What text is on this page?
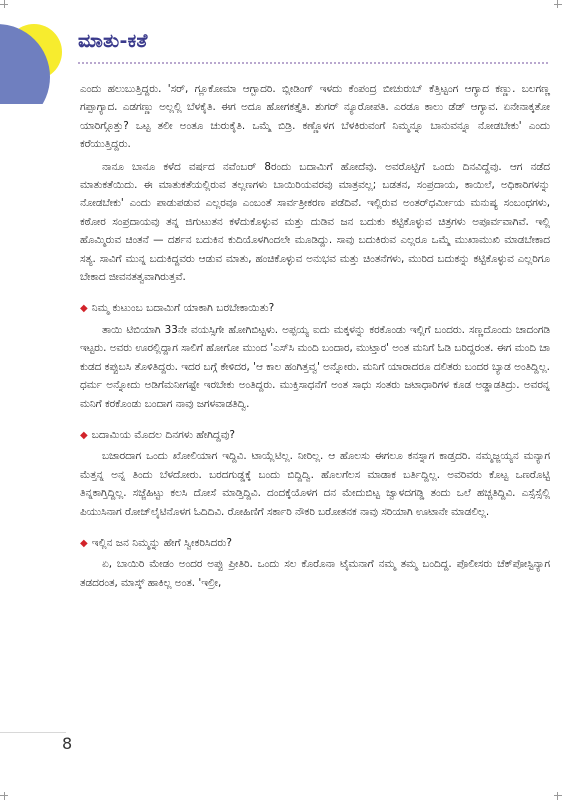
ಮಾತು-ಕತೆ

ಎಂದು ಹಲುಬುತ್ತಿದ್ದರು. 'ಸರ್, ಗ್ಲೂಕೋಮಾ ಆಗ್ಬಾದರಿ. ಬ್ಲೀಡಿಂಗ್ ಇಳದು ಕೆಂಪಂದ್ರ ಬೀಚುರುಬ್ ಕೆತ್ತಿಟ್ಟಂಗ ಆಗ್ಯಾದ ಕಣ್ಣು. ಬಲಗಣ್ಣ ಗಪ್ಪಾಗ್ಯಾದ. ಎಡಗಣ್ಣು ಅಲ್ಲಲ್ಲಿ ಬೆಳಕೈತಿ. ಈಗ ಅದೂ ಹೋಗಕತ್ತೈತಿ. ಶುಗರ್ ನ್ಯೂರೋಪತಿ. ಎರಡೂ ಕಾಲು ಡೆಡ್ ಆಗ್ಯಾವ. ಏನೇನಾಕ್ಕತೋ ಯಾರಿಗ್ಗೊತ್ತು? ಒಟ್ಟ ತಲೀ ಅಂತೂ ಚುರುಕೈತಿ. ಒಮ್ಮೆ ಬಿಡ್ರಿ. ಕಣ್ಣೊಳಗ ಬೆಳಕಿರುವಂಗೆ ನಿಮ್ಮನ್ನೂ ಬಾನುವನ್ನೂ ನೋಡಬೇಕು' ಎಂದು ಕರೆಯುತ್ತಿದ್ದರು.

ನಾನೂ ಬಾನೂ ಕಳೆದ ವರ್ಷದ ನವೆಂಬರ್ 8ರಂದು ಬದಾಮಿಗೆ ಹೋದೆವು. ಅವರೊಟ್ಟಿಗೆ ಒಂದು ದಿನವಿದ್ದೆವು. ಆಗ ನಡೆದ ಮಾತುಕತೆಯಿದು. ಈ ಮಾತುಕತೆಯಲ್ಲಿರುವ ತಲ್ಲಣಗಳು ಬಾಯಿರಿಯವರವು ಮಾತ್ರವಲ್ಲ; ಬಡತನ, ಸಂಪ್ರದಾಯ, ಕಾಯಿಲೆ, ಅಧಿಕಾರಿಗಳನ್ನು ನೋಡಬೇಕು' ಎಂದು ಪಾಡುಪಡುವ ಎಲ್ಲರವೂ ಎಂಬಂತೆ ಸಾರ್ವತ್ರೀಕರಣ ಪಡೆದಿವೆ. ಇಲ್ಲಿರುವ ಅಂತರ್‌ಧರ್ಮೀಯ ಮನುಷ್ಯ ಸಂಬಂಧಗಳು, ಕಠೋರ ಸಂಪ್ರದಾಯವು ತನ್ನ ಜಿಗುಟುತನ ಕಳೆದುಕೊಳ್ಳುವ ಮತ್ತು ದುಡಿವ ಜನ ಬದುಕು ಕಟ್ಟಿಕೊಳ್ಳುವ ಚಿತ್ರಗಳು ಅಪೂರ್ವವಾಗಿವೆ. ಇಲ್ಲಿ ಹೊಮ್ಮಿರುವ ಚಿಂತನೆ — ದರ್ಶನ ಬದುಕಿನ ಕುದಿಯೊಳಗಿಂದಲೇ ಮೂಡಿದ್ದು. ಸಾವು ಬದುಕಿರುವ ಎಲ್ಲರೂ ಒಮ್ಮೆ ಮುಖಾಮುಖಿ ಮಾಡಬೇಕಾದ ಸತ್ಯ. ಸಾವಿಗೆ ಮುನ್ನ ಬದುಕಿದ್ದವರು ಆಡುವ ಮಾತು, ಹಂಚಿಕೊಳ್ಳುವ ಅನುಭವ ಮತ್ತು ಚಿಂತನೆಗಳು, ಮುರಿದ ಬದುಕನ್ನು ಕಟ್ಟಿಕೊಳ್ಳುವ ಎಲ್ಲರಿಗೂ ಬೇಕಾದ ಜೀವನತತ್ವವಾಗಿರುತ್ತವೆ.

◆ ನಿಮ್ಮ ಕುಟುಂಬ ಬದಾಮಿಗೆ ಯಾಕಾಗಿ ಬರಬೇಕಾಯಿತು?

ತಾಯಿ ಟಿಬಿಯಾಗಿ 33ನೇ ವಯಸ್ಸಿಗೇ ಹೋಗಿಬಿಟ್ಟಳು. ಅಪ್ಪಯ್ಯ ಐದು ಮಕ್ಕಳನ್ನು ಕರಕೊಂಡು ಇಲ್ಲಿಗೆ ಬಂದರು. ಸಣ್ಣದೊಂದು ಚಾದಂಗಡಿ ಇಟ್ಟರು. ಅವರು ಊರಲ್ಲಿದ್ದಾಗ ಸಾಲಿಗೆ ಹೋಗೋ ಮುಂದ 'ಎಸ್‌ಸಿ ಮಂದಿ ಬಂದಾರ, ಮುಟ್ತಾರ' ಅಂತ ಮನಿಗೆ ಓಡಿ ಬರಿದ್ದರಂತ. ಈಗ ಮಂದಿ ಚಾ ಕುಡದ ಕಪ್ಪುಬಸಿ ತೊಳಿತಿದ್ದರು. ಇದರ ಬಗ್ಗೆ ಕೇಳಿದರ, 'ಆ ಕಾಲ ಹಂಗಿತ್ತವ್ವ' ಅನ್ನೋರು. ಮನಿಗೆ ಯಾರಾದರೂ ದಲಿತರು ಬಂದರ ಬ್ಯಾಡ ಅಂತಿದ್ದಿಲ್ಲ. ಧರ್ಮ ಅನ್ನೋದು ಅಡಿಗೆಮನೀಗಷ್ಟೇ ಇರಬೇಕು ಅಂತಿದ್ದರು. ಮುಕ್ತಿಸಾಧನೆಗೆ ಅಂತ ಸಾಧು ಸಂತರು ಜಟಾಧಾರಿಗಳ ಕೂಡ ಅಡ್ಡಾಡತಿದ್ರು. ಅವರನ್ನ ಮನಿಗೆ ಕರಕೊಂಡು ಬಂದಾಗ ನಾವು ಜಗಳವಾಡತಿದ್ವಿ.

◆ ಬದಾಮಿಯ ಮೊದಲ ದಿನಗಳು ಹೇಗಿದ್ದವು?

ಬಜಾರದಾಗ ಒಂದು ಖೋಲಿಯಾಗ ಇದ್ದಿವಿ. ಟಾಯ್ಲೆಟಿಲ್ಲ. ನೀರಿಲ್ಲ. ಆ ಹೊಲಸು ಈಗಲೂ ಕನಸ್ನಾಗ ಕಾಡ್ತದರಿ. ನಮ್ಮಜ್ಜಯ್ಯನ ಮನ್ಯಾಗ ಮೆತ್ತನ್ನ ಅನ್ನ ತಿಂದು ಬೆಳದೋರು. ಬರದಗುಡ್ಡಕ್ಕೆ ಬಂದು ಬಿದ್ದಿದ್ವಿ. ಹೊಲಗೆಲಸ ಮಾಡಾಕ ಬರ್ತಿದ್ದಿಲ್ಲ. ಅವರಿವರು ಕೊಟ್ಟ ಒಣರೊಟ್ಟಿ ತಿನ್ನಕಾಗ್ತಿದ್ದಿಲ್ಲ. ಸಜ್ಜೆಹಿಟ್ಟು ಕಲಸಿ ದೋಸೆ ಮಾಡ್ತಿದ್ದಿವಿ. ದಂದಕ್ಕೆಯೊಳಗ ದನ ಮೇದುಬಿಟ್ಟ ಜ್ವಾಳದಗಡ್ಡಿ ತಂದು ಒಲೆ ಹಚ್ಚತಿದ್ದಿವಿ. ಎಸ್ಸೆಸ್ಸೆಲ್ಲಿ ಪಿಯುಸಿನಾಗ ರೋಜ್‌ಲೈಟಿನೊಳಗ ಓದಿದಿವಿ. ರೋಹಿಣಿಗೆ ಸರ್ಕಾರಿ ನೌಕರಿ ಬರೋತನಕ ನಾವು ಸರಿಯಾಗಿ ಊಟಾನೇ ಮಾಡಲಿಲ್ಲ.

◆ ಇಲ್ಲಿನ ಜನ ನಿಮ್ಮನ್ನು ಹೇಗೆ ಸ್ವೀಕರಿಸಿದರು?

ಏ, ಬಾಯಿರಿ ಮೇಡಂ ಅಂದರ ಅಪ್ಪು ಪ್ರೀತಿರಿ. ಒಂದು ಸಲ ಕೊರೊನಾ ಟೈಮನಾಗೆ ನಮ್ಮ ತಮ್ಮ ಬಂದಿದ್ದ. ಪೊಲೀಸರು ಚೆಕ್‌ಪೋಸ್ಟಿನ್ಯಾಗ ತಡದರಂತ, ಮಾಸ್ಕ್ ಹಾಕಿಲ್ಲ ಅಂತ. 'ಇಲ್ರೀ,

8
